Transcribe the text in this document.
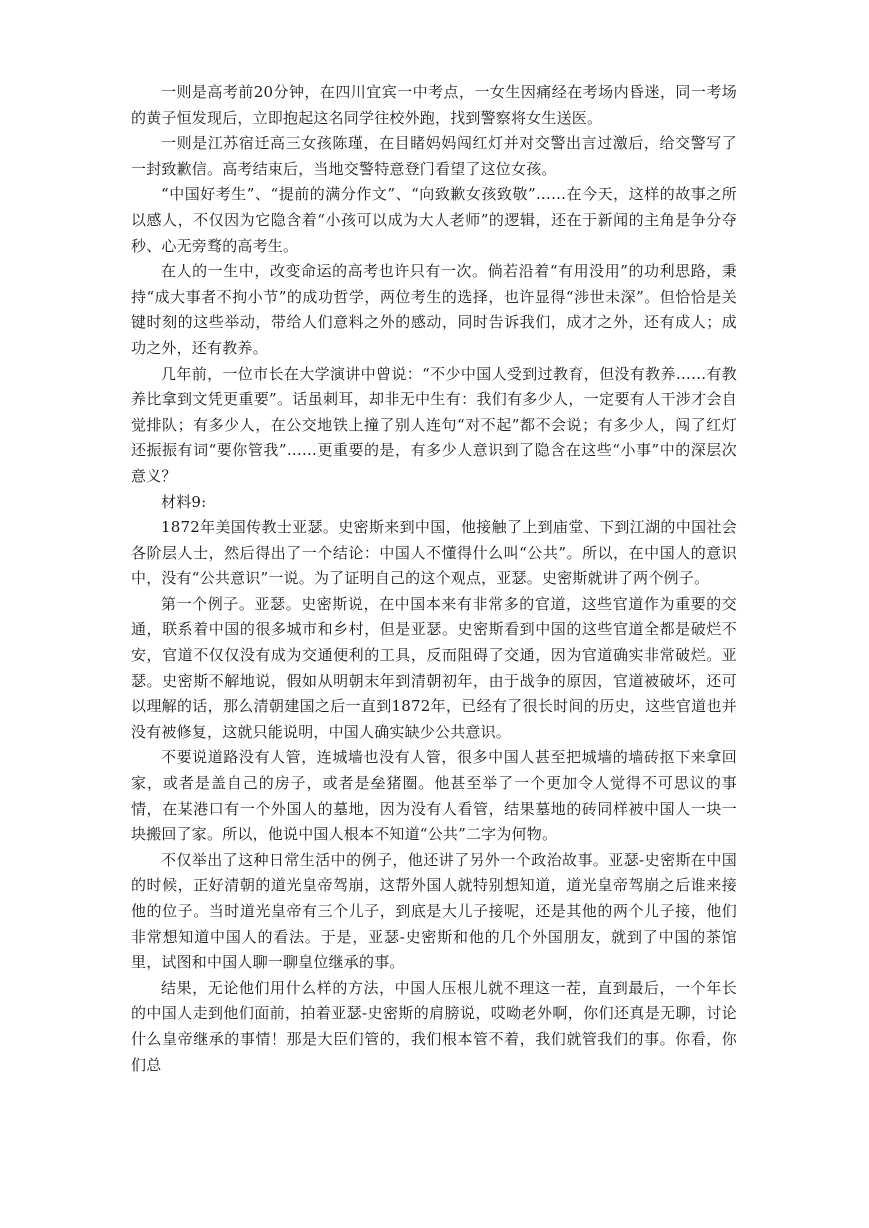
一则是高考前20分钟，在四川宜宾一中考点，一女生因痛经在考场内昏迷，同一考场的黄子恒发现后，立即抱起这名同学往校外跑，找到警察将女生送医。

一则是江苏宿迁高三女孩陈瑾，在目睹妈妈闯红灯并对交警出言过激后，给交警写了一封致歉信。高考结束后，当地交警特意登门看望了这位女孩。

“中国好考生”、“提前的满分作文”、“向致歉女孩致敬”……在今天，这样的故事之所以感人，不仅因为它隐含着“小孩可以成为大人老师”的逻辑，还在于新闻的主角是争分夺秒、心无旁骛的高考生。

在人的一生中，改变命运的高考也许只有一次。倘若沿着“有用没用”的功利思路，秉持“成大事者不拘小节”的成功哲学，两位考生的选择，也许显得“涉世未深”。但恰恰是关键时刻的这些举动，带给人们意料之外的感动，同时告诉我们，成才之外，还有成人；成功之外，还有教养。

几年前，一位市长在大学演讲中曾说：“不少中国人受到过教育，但没有教养……有教养比拿到文凭更重要”。话虽刺耳，却非无中生有：我们有多少人，一定要有人干涉才会自觉排队；有多少人，在公交地铁上撞了别人连句“对不起”都不会说；有多少人，闯了红灯还振振有词“要你管我”……更重要的是，有多少人意识到了隐含在这些“小事”中的深层次意义？

材料9:

1872年美国传教士亚瑟。史密斯来到中国，他接触了上到庙堂、下到江湖的中国社会各阶层人士，然后得出了一个结论：中国人不懂得什么叫“公共”。所以，在中国人的意识中，没有“公共意识”一说。为了证明自己的这个观点，亚瑟。史密斯就讲了两个例子。

第一个例子。亚瑟。史密斯说，在中国本来有非常多的官道，这些官道作为重要的交通，联系着中国的很多城市和乡村，但是亚瑟。史密斯看到中国的这些官道全都是破烂不安，官道不仅仅没有成为交通便利的工具，反而阻碍了交通，因为官道确实非常破烂。亚瑟。史密斯不解地说，假如从明朝末年到清朝初年，由于战争的原因，官道被破坏，还可以理解的话，那么清朝建国之后一直到1872年，已经有了很长时间的历史，这些官道也并没有被修复，这就只能说明，中国人确实缺少公共意识。

不要说道路没有人管，连城墙也没有人管，很多中国人甚至把城墙的墙砖抠下来拿回家，或者是盖自己的房子，或者是垒猪圈。他甚至举了一个更加令人觉得不可思议的事情，在某港口有一个外国人的墓地，因为没有人看管，结果墓地的砖同样被中国人一块一块搬回了家。所以，他说中国人根本不知道“公共”二字为何物。

不仅举出了这种日常生活中的例子，他还讲了另外一个政治故事。亚瑟-史密斯在中国的时候，正好清朝的道光皇帝驾崩，这帮外国人就特别想知道，道光皇帝驾崩之后谁来接他的位子。当时道光皇帝有三个儿子，到底是大儿子接呢，还是其他的两个儿子接，他们非常想知道中国人的看法。于是，亚瑟-史密斯和他的几个外国朋友，就到了中国的茶馆里，试图和中国人聊一聊皇位继承的事。

结果，无论他们用什么样的方法，中国人压根儿就不理这一茬，直到最后，一个年长的中国人走到他们面前，拍着亚瑟-史密斯的肩膀说，哎呦老外啊，你们还真是无聊，讨论什么皇帝继承的事情！那是大臣们管的，我们根本管不着，我们就管我们的事。你看，你们总
